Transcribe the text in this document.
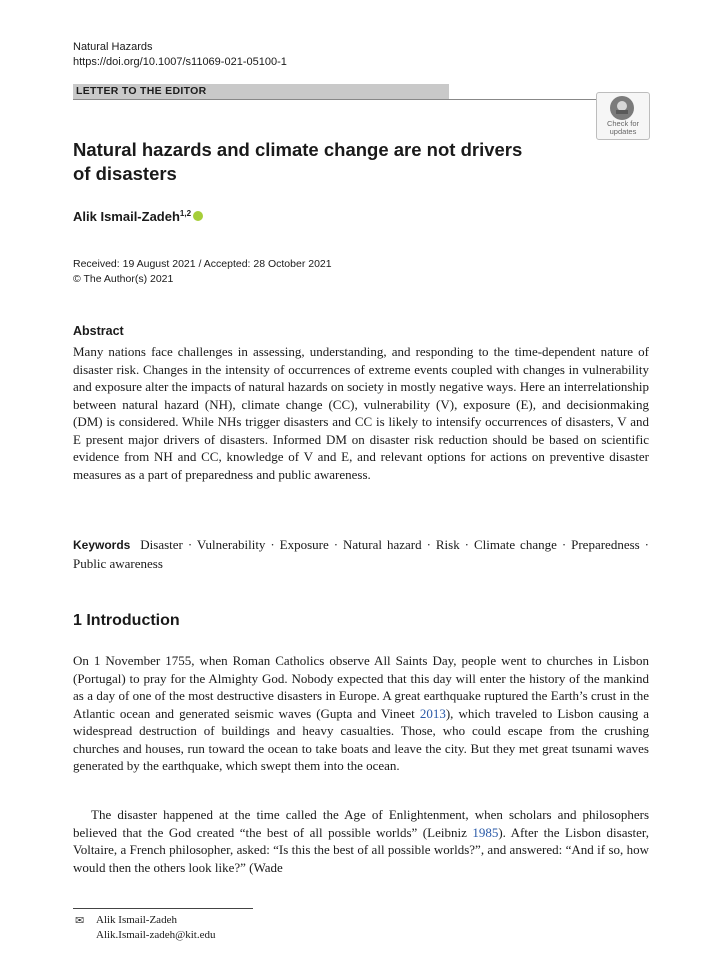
Natural Hazards
https://doi.org/10.1007/s11069-021-05100-1
LETTER TO THE EDITOR
Check for updates
Natural hazards and climate change are not drivers of disasters
Alik Ismail-Zadeh$^{1,2}$
Received: 19 August 2021 / Accepted: 28 October 2021
© The Author(s) 2021
Abstract

Many nations face challenges in assessing, understanding, and responding to the time-dependent nature of disaster risk. Changes in the intensity of occurrences of extreme events coupled with changes in vulnerability and exposure alter the impacts of natural hazards on society in mostly negative ways. Here an interrelationship between natural hazard (NH), climate change (CC), vulnerability (V), exposure (E), and decisionmaking (DM) is considered. While NHs trigger disasters and CC is likely to intensify occurrences of disasters, V and E present major drivers of disasters. Informed DM on disaster risk reduction should be based on scientific evidence from NH and CC, knowledge of V and E, and relevant options for actions on preventive disaster measures as a part of preparedness and public awareness.

Keywords Disaster · Vulnerability · Exposure · Natural hazard · Risk · Climate change · Preparedness · Public awareness

1 Introduction

On 1 November 1755, when Roman Catholics observe All Saints Day, people went to churches in Lisbon (Portugal) to pray for the Almighty God. Nobody expected that this day will enter the history of the mankind as a day of one of the most destructive disasters in Europe. A great earthquake ruptured the Earth’s crust in the Atlantic ocean and generated seismic waves (Gupta and Vineet 2013), which traveled to Lisbon causing a widespread destruction of buildings and heavy casualties. Those, who could escape from the crushing churches and houses, run toward the ocean to take boats and leave the city. But they met great tsunami waves generated by the earthquake, which swept them into the ocean.

The disaster happened at the time called the Age of Enlightenment, when scholars and philosophers believed that the God created “the best of all possible worlds” (Leibniz 1985). After the Lisbon disaster, Voltaire, a French philosopher, asked: “Is this the best of all possible worlds?”, and answered: “And if so, how would then the others look like?” (Wade

✉ Alik Ismail-Zadeh
Alik.Ismail-zadeh@kit.edu
